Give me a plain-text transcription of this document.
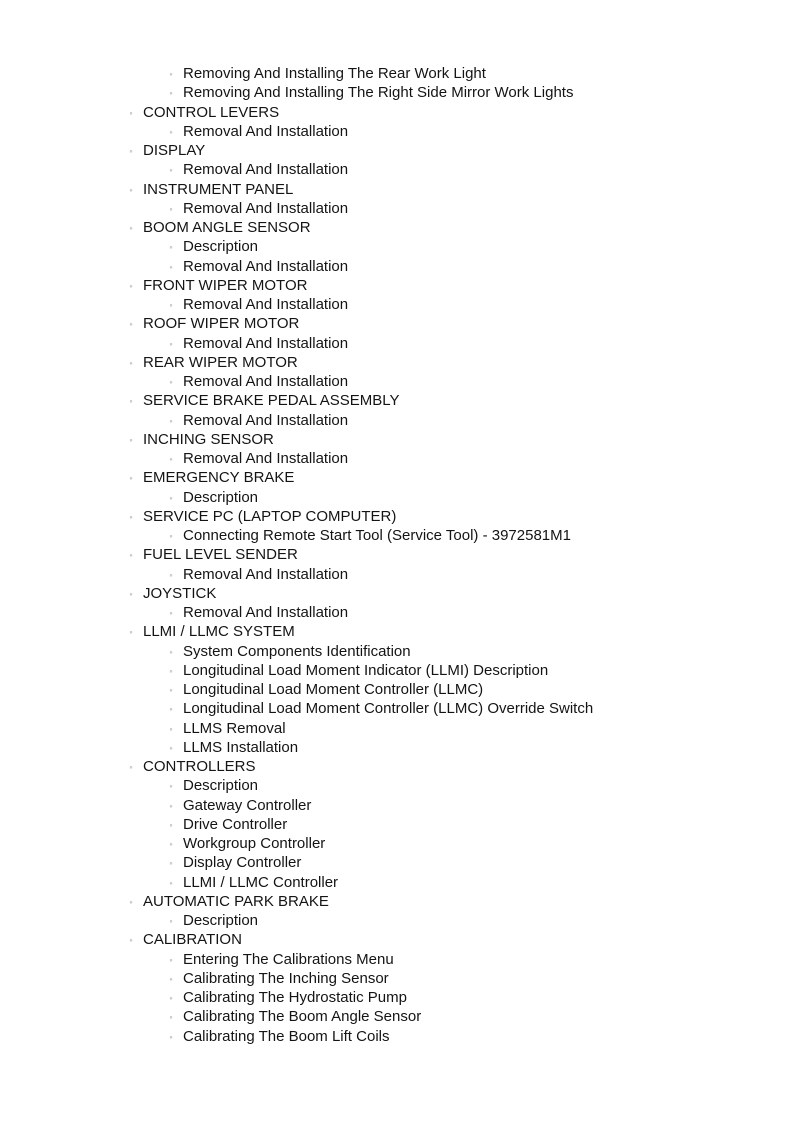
◦ Removing And Installing The Rear Work Light
◦ Removing And Installing The Right Side Mirror Work Lights
◦ CONTROL LEVERS
◦ Removal And Installation
◦ DISPLAY
◦ Removal And Installation
◦ INSTRUMENT PANEL
◦ Removal And Installation
◦ BOOM ANGLE SENSOR
◦ Description
◦ Removal And Installation
◦ FRONT WIPER MOTOR
◦ Removal And Installation
◦ ROOF WIPER MOTOR
◦ Removal And Installation
◦ REAR WIPER MOTOR
◦ Removal And Installation
◦ SERVICE BRAKE PEDAL ASSEMBLY
◦ Removal And Installation
◦ INCHING SENSOR
◦ Removal And Installation
◦ EMERGENCY BRAKE
◦ Description
◦ SERVICE PC (LAPTOP COMPUTER)
◦ Connecting Remote Start Tool (Service Tool) - 3972581M1
◦ FUEL LEVEL SENDER
◦ Removal And Installation
◦ JOYSTICK
◦ Removal And Installation
◦ LLMI / LLMC SYSTEM
◦ System Components Identification
◦ Longitudinal Load Moment Indicator (LLMI) Description
◦ Longitudinal Load Moment Controller (LLMC)
◦ Longitudinal Load Moment Controller (LLMC) Override Switch
◦ LLMS Removal
◦ LLMS Installation
◦ CONTROLLERS
◦ Description
◦ Gateway Controller
◦ Drive Controller
◦ Workgroup Controller
◦ Display Controller
◦ LLMI / LLMC Controller
◦ AUTOMATIC PARK BRAKE
◦ Description
◦ CALIBRATION
◦ Entering The Calibrations Menu
◦ Calibrating The Inching Sensor
◦ Calibrating The Hydrostatic Pump
◦ Calibrating The Boom Angle Sensor
◦ Calibrating The Boom Lift Coils
